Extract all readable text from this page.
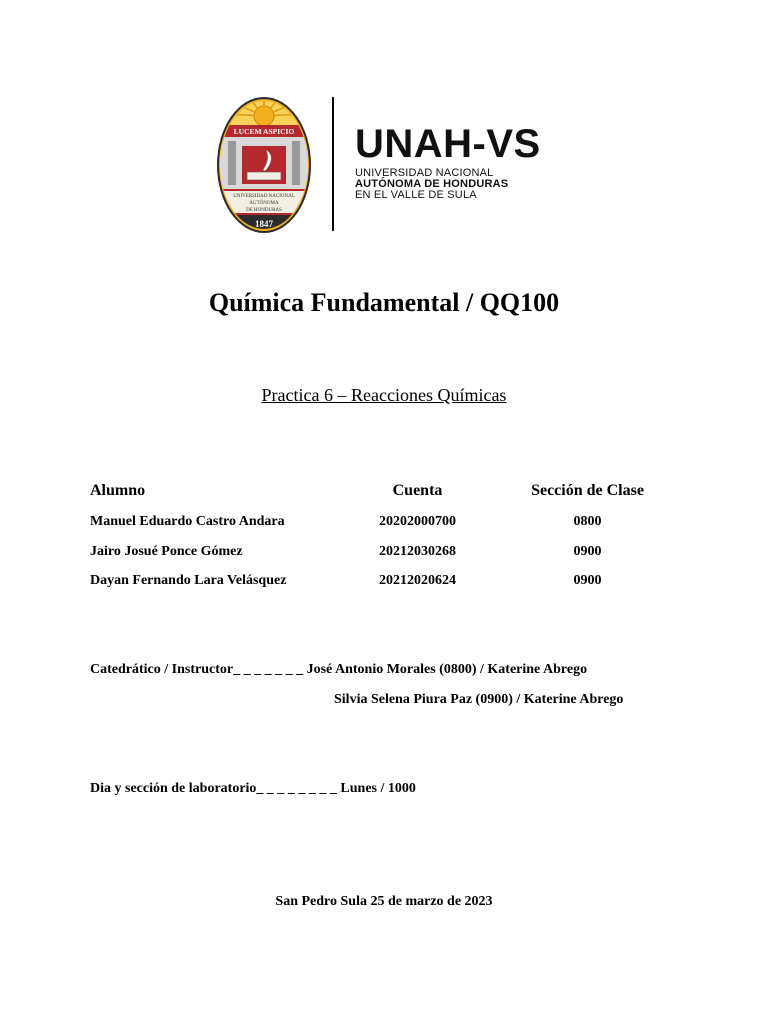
LUCEM ASPICIO
UNIVERSIDAD NACIONAL
AUTÓNOMA
DE HONDURAS
1847
UNAH-VS
UNIVERSIDAD NACIONAL
AUTÓNOMA DE HONDURAS
EN EL VALLE DE SULA
Química Fundamental / QQ100
Practica 6 – Reacciones Químicas
Alumno	Cuenta	Sección de Clase
Manuel Eduardo Castro Andara	20202000700	0800
Jairo Josué Ponce Gómez	20212030268	0900
Dayan Fernando Lara Velásquez	20212020624	0900
Catedrático / Instructor_ _ _ _ _ _ _ José Antonio Morales (0800) / Katerine Abrego
Silvia Selena Piura Paz (0900) / Katerine Abrego
Dia y sección de laboratorio_ _ _ _ _ _ _ _ Lunes / 1000
San Pedro Sula 25 de marzo de 2023
